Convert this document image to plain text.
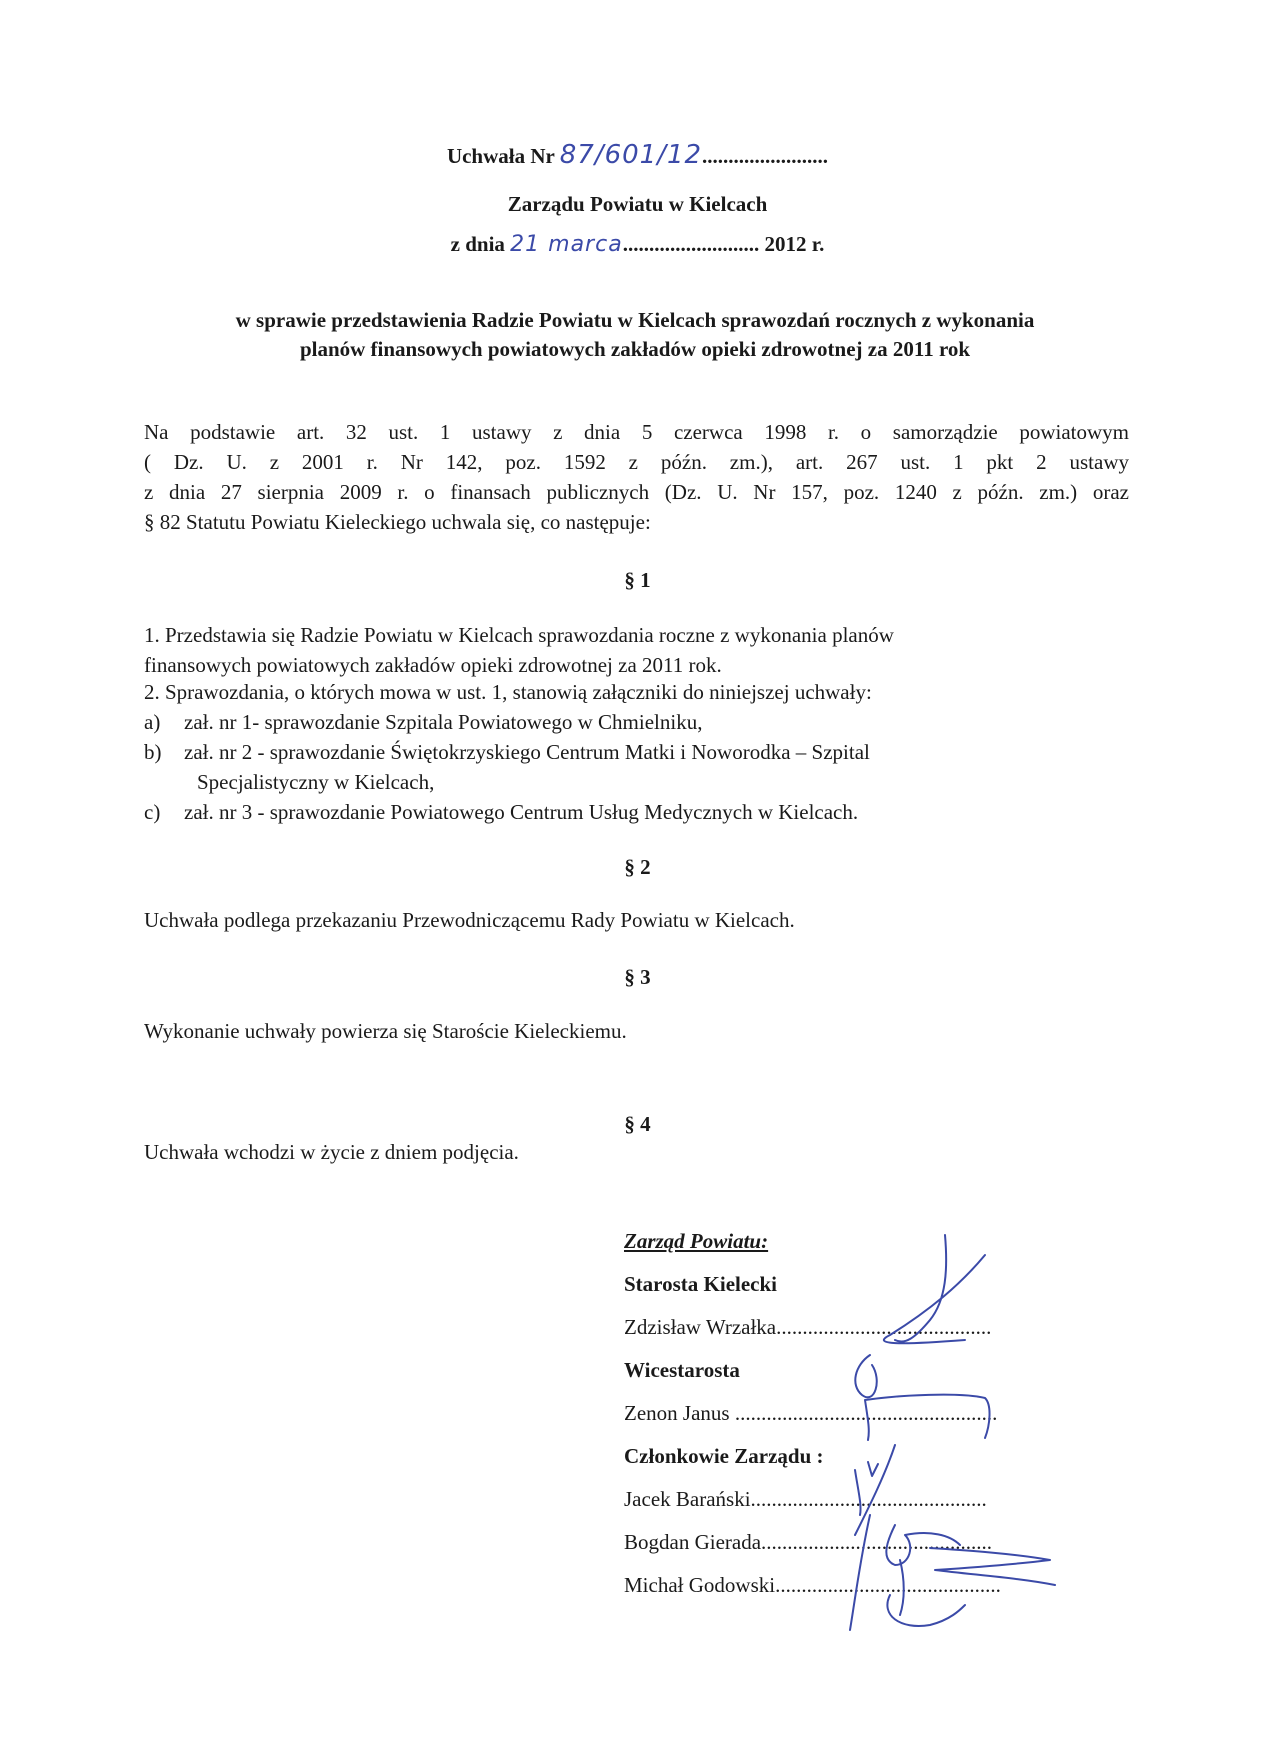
Uchwała Nr 87/601/12........................
Zarządu Powiatu w Kielcach
z dnia 21 marca.......................... 2012 r.
w sprawie przedstawienia Radzie Powiatu w Kielcach sprawozdań rocznych z wykonania
planów finansowych powiatowych zakładów opieki zdrowotnej za 2011 rok

Na podstawie art. 32 ust. 1 ustawy z dnia 5 czerwca 1998 r. o samorządzie powiatowym

( Dz. U. z 2001 r. Nr 142, poz. 1592 z późn. zm.), art. 267 ust. 1 pkt 2 ustawy

z dnia 27 sierpnia 2009 r. o finansach publicznych (Dz. U. Nr 157, poz. 1240 z późn. zm.) oraz

§ 82 Statutu Powiatu Kieleckiego uchwala się, co następuje:

§ 1

1. Przedstawia się Radzie Powiatu w Kielcach sprawozdania roczne z wykonania planów

finansowych powiatowych zakładów opieki zdrowotnej za 2011 rok.

2. Sprawozdania, o których mowa w ust. 1, stanowią załączniki do niniejszej uchwały:
a) zał. nr 1- sprawozdanie Szpitala Powiatowego w Chmielniku,
b) zał. nr 2 - sprawozdanie Świętokrzyskiego Centrum Matki i Noworodka – Szpital
Specjalistyczny w Kielcach,
c) zał. nr 3 - sprawozdanie Powiatowego Centrum Usług Medycznych w Kielcach.
§ 2
Uchwała podlega przekazaniu Przewodniczącemu Rady Powiatu w Kielcach.
§ 3
Wykonanie uchwały powierza się Staroście Kieleckiemu.
§ 4
Uchwała wchodzi w życie z dniem podjęcia.
Zarząd Powiatu:
Starosta Kielecki
Zdzisław Wrzałka.........................................
Wicestarosta
Zenon Janus ..................................................
Członkowie Zarządu :
Jacek Barański.............................................
Bogdan Gierada............................................
Michał Godowski...........................................
